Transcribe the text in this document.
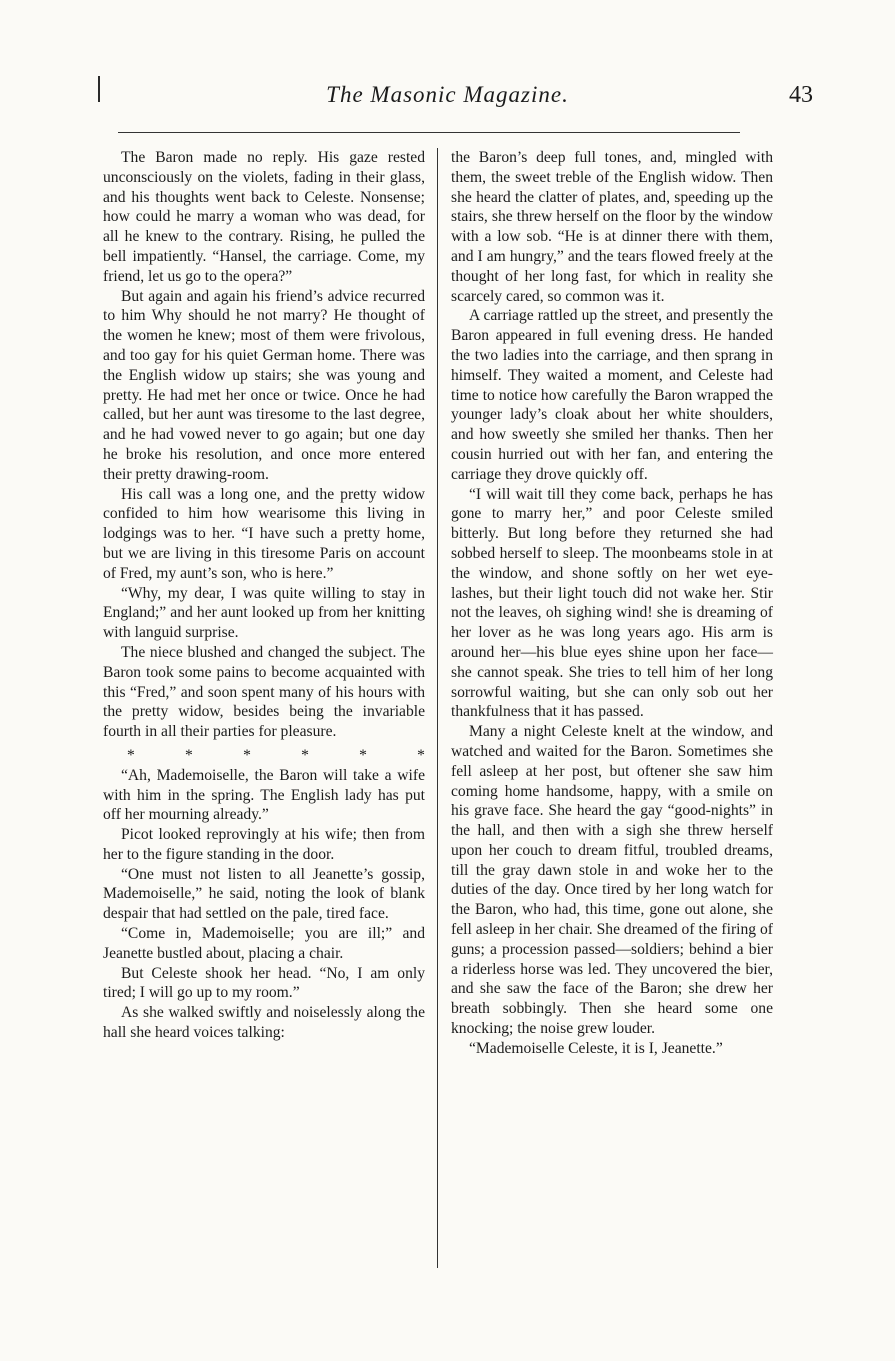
The Masonic Magazine.	43

The Baron made no reply. His gaze rested unconsciously on the violets, fading in their glass, and his thoughts went back to Celeste. Nonsense; how could he marry a woman who was dead, for all he knew to the contrary. Rising, he pulled the bell impatiently. “Hansel, the carriage. Come, my friend, let us go to the opera?”

But again and again his friend’s advice recurred to him Why should he not marry? He thought of the women he knew; most of them were frivolous, and too gay for his quiet German home. There was the English widow up stairs; she was young and pretty. He had met her once or twice. Once he had called, but her aunt was tiresome to the last degree, and he had vowed never to go again; but one day he broke his resolution, and once more entered their pretty drawing-room.

His call was a long one, and the pretty widow confided to him how wearisome this living in lodgings was to her. “I have such a pretty home, but we are living in this tiresome Paris on account of Fred, my aunt’s son, who is here.”

“Why, my dear, I was quite willing to stay in England;” and her aunt looked up from her knitting with languid surprise.

The niece blushed and changed the subject. The Baron took some pains to become acquainted with this “Fred,” and soon spent many of his hours with the pretty widow, besides being the invariable fourth in all their parties for pleasure.

*	*	*	*	*	*

“Ah, Mademoiselle, the Baron will take a wife with him in the spring. The English lady has put off her mourning already.”

Picot looked reprovingly at his wife; then from her to the figure standing in the door.

“One must not listen to all Jeanette’s gossip, Mademoiselle,” he said, noting the look of blank despair that had settled on the pale, tired face.

“Come in, Mademoiselle; you are ill;” and Jeanette bustled about, placing a chair.

But Celeste shook her head. “No, I am only tired; I will go up to my room.”

As she walked swiftly and noiselessly along the hall she heard voices talking:

the Baron’s deep full tones, and, mingled with them, the sweet treble of the English widow. Then she heard the clatter of plates, and, speeding up the stairs, she threw herself on the floor by the window with a low sob. “He is at dinner there with them, and I am hungry,” and the tears flowed freely at the thought of her long fast, for which in reality she scarcely cared, so common was it.

A carriage rattled up the street, and presently the Baron appeared in full evening dress. He handed the two ladies into the carriage, and then sprang in himself. They waited a moment, and Celeste had time to notice how carefully the Baron wrapped the younger lady’s cloak about her white shoulders, and how sweetly she smiled her thanks. Then her cousin hurried out with her fan, and entering the carriage they drove quickly off.

“I will wait till they come back, perhaps he has gone to marry her,” and poor Celeste smiled bitterly. But long before they returned she had sobbed herself to sleep. The moonbeams stole in at the window, and shone softly on her wet eye-lashes, but their light touch did not wake her. Stir not the leaves, oh sighing wind! she is dreaming of her lover as he was long years ago. His arm is around her—his blue eyes shine upon her face—she cannot speak. She tries to tell him of her long sorrowful waiting, but she can only sob out her thankfulness that it has passed.

Many a night Celeste knelt at the window, and watched and waited for the Baron. Sometimes she fell asleep at her post, but oftener she saw him coming home handsome, happy, with a smile on his grave face. She heard the gay “good-nights” in the hall, and then with a sigh she threw herself upon her couch to dream fitful, troubled dreams, till the gray dawn stole in and woke her to the duties of the day. Once tired by her long watch for the Baron, who had, this time, gone out alone, she fell asleep in her chair. She dreamed of the firing of guns; a procession passed—soldiers; behind a bier a riderless horse was led. They uncovered the bier, and she saw the face of the Baron; she drew her breath sobbingly. Then she heard some one knocking; the noise grew louder.

“Mademoiselle Celeste, it is I, Jeanette.”
